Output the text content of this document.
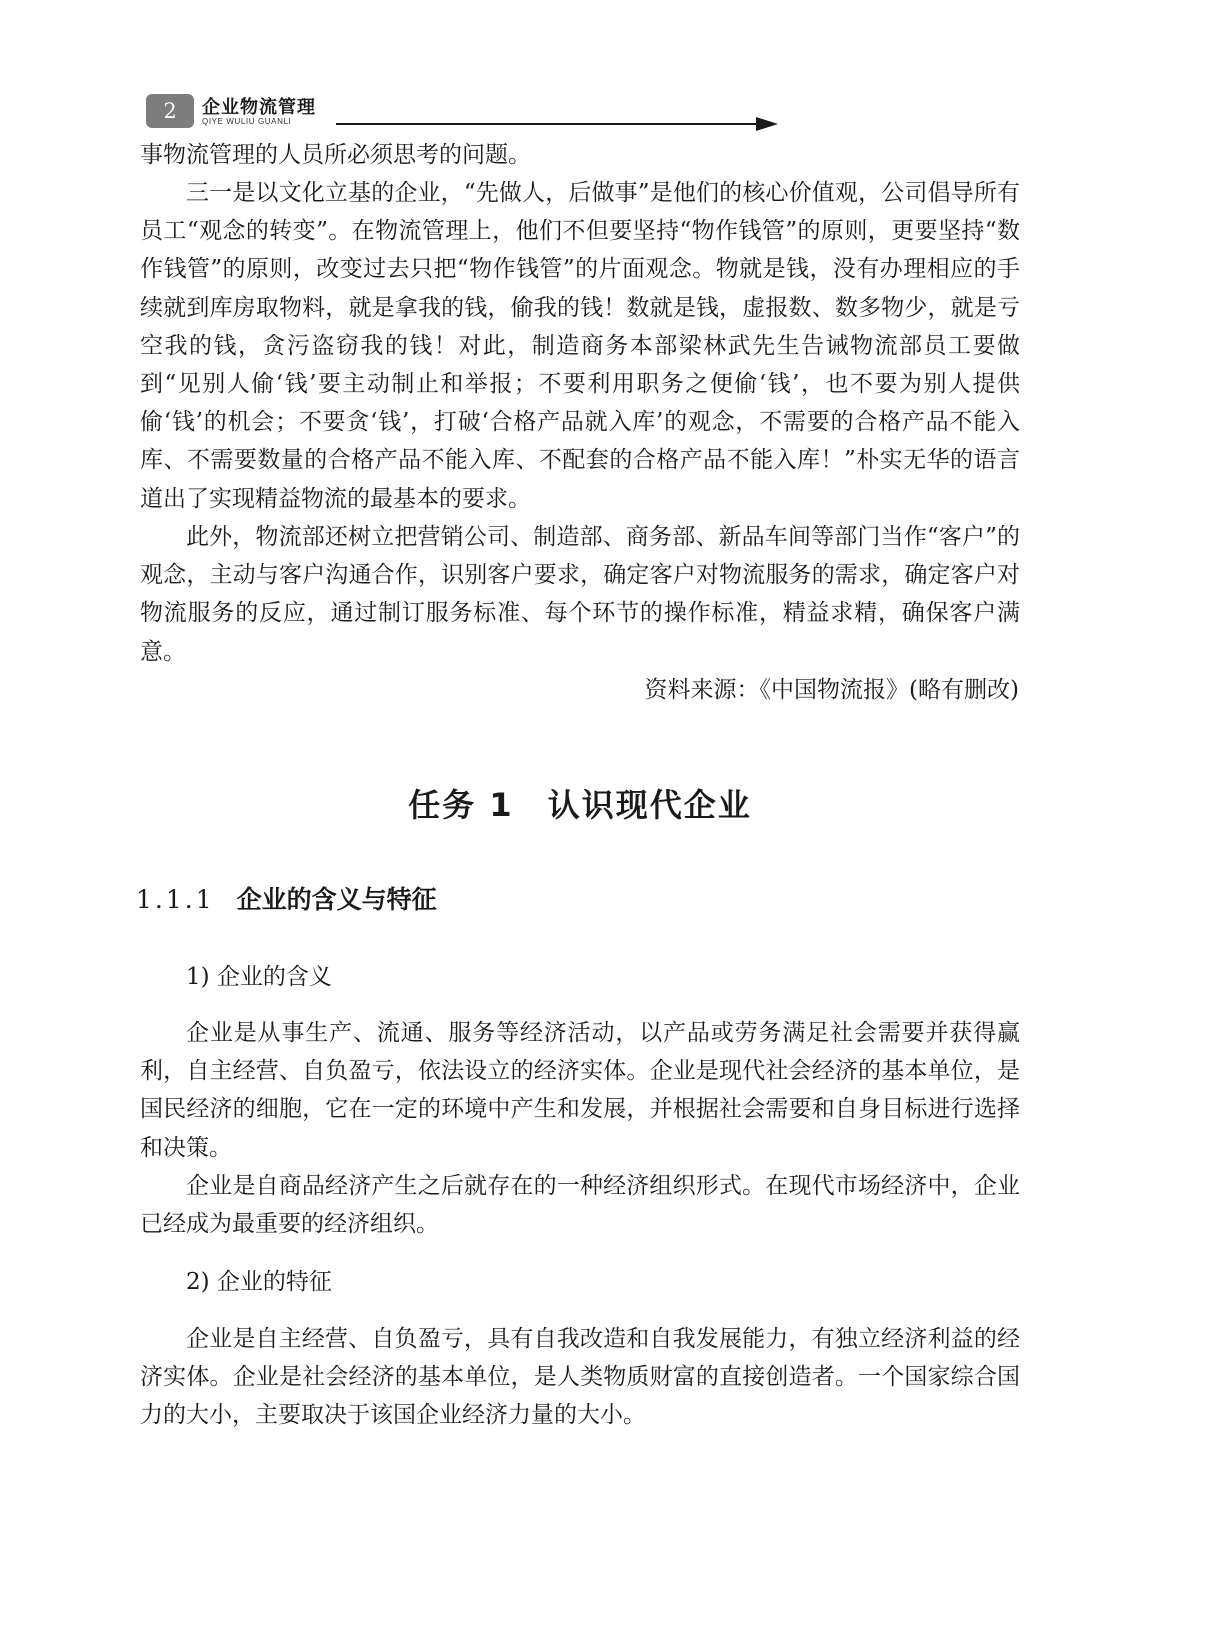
2	企业物流管理
QIYE WULIU GUANLI

事物流管理的人员所必须思考的问题。

三一是以文化立基的企业，“先做人，后做事”是他们的核心价值观，公司倡导所有员工“观念的转变”。在物流管理上，他们不但要坚持“物作钱管”的原则，更要坚持“数作钱管”的原则，改变过去只把“物作钱管”的片面观念。物就是钱，没有办理相应的手续就到库房取物料，就是拿我的钱，偷我的钱！数就是钱，虚报数、数多物少，就是亏空我的钱，贪污盗窃我的钱！对此，制造商务本部梁林武先生告诫物流部员工要做到“见别人偷‘钱’要主动制止和举报；不要利用职务之便偷‘钱’，也不要为别人提供偷‘钱’的机会；不要贪‘钱’，打破‘合格产品就入库’的观念，不需要的合格产品不能入库、不需要数量的合格产品不能入库、不配套的合格产品不能入库！”朴实无华的语言道出了实现精益物流的最基本的要求。

此外，物流部还树立把营销公司、制造部、商务部、新品车间等部门当作“客户”的观念，主动与客户沟通合作，识别客户要求，确定客户对物流服务的需求，确定客户对物流服务的反应，通过制订服务标准、每个环节的操作标准，精益求精，确保客户满意。

资料来源：《中国物流报》(略有删改)
任务 1 认识现代企业
1.1.1 企业的含义与特征
1) 企业的含义

企业是从事生产、流通、服务等经济活动，以产品或劳务满足社会需要并获得赢利，自主经营、自负盈亏，依法设立的经济实体。企业是现代社会经济的基本单位，是国民经济的细胞，它在一定的环境中产生和发展，并根据社会需要和自身目标进行选择和决策。

企业是自商品经济产生之后就存在的一种经济组织形式。在现代市场经济中，企业已经成为最重要的经济组织。

2) 企业的特征

企业是自主经营、自负盈亏，具有自我改造和自我发展能力，有独立经济利益的经济实体。企业是社会经济的基本单位，是人类物质财富的直接创造者。一个国家综合国力的大小，主要取决于该国企业经济力量的大小。
